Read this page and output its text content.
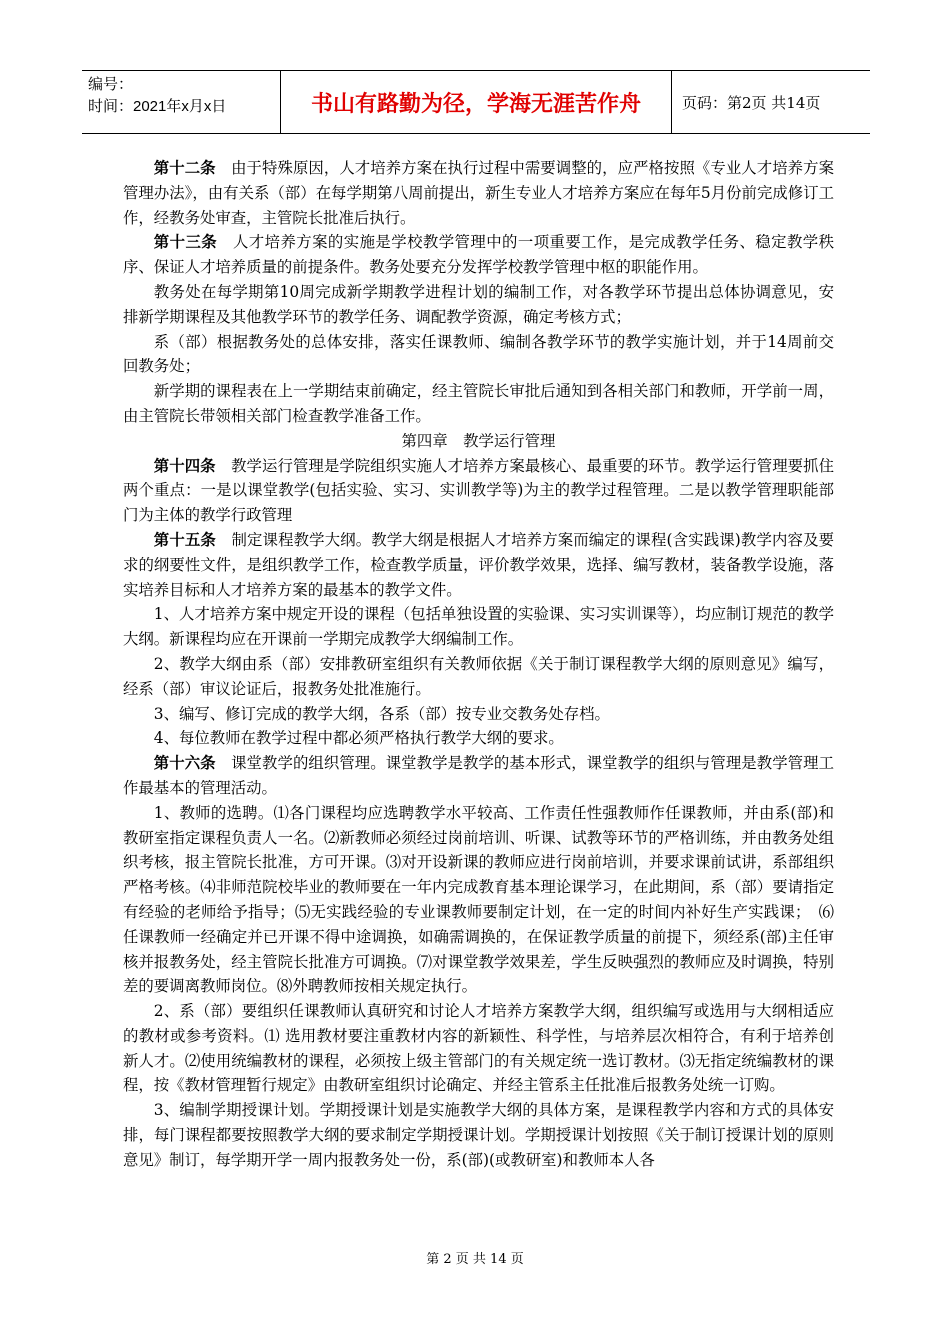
编号：
时间：2021年x月x日	书山有路勤为径，学海无涯苦作舟	页码：第2页 共14页

第十二条　由于特殊原因，人才培养方案在执行过程中需要调整的，应严格按照《专业人才培养方案管理办法》，由有关系（部）在每学期第八周前提出，新生专业人才培养方案应在每年5月份前完成修订工作，经教务处审查，主管院长批准后执行。

第十三条　人才培养方案的实施是学校教学管理中的一项重要工作，是完成教学任务、稳定教学秩序、保证人才培养质量的前提条件。教务处要充分发挥学校教学管理中枢的职能作用。

教务处在每学期第10周完成新学期教学进程计划的编制工作，对各教学环节提出总体协调意见，安排新学期课程及其他教学环节的教学任务、调配教学资源，确定考核方式；

系（部）根据教务处的总体安排，落实任课教师、编制各教学环节的教学实施计划，并于14周前交回教务处；

新学期的课程表在上一学期结束前确定，经主管院长审批后通知到各相关部门和教师，开学前一周，由主管院长带领相关部门检查教学准备工作。

第四章　教学运行管理

第十四条　教学运行管理是学院组织实施人才培养方案最核心、最重要的环节。教学运行管理要抓住两个重点：一是以课堂教学(包括实验、实习、实训教学等)为主的教学过程管理。二是以教学管理职能部门为主体的教学行政管理

第十五条　制定课程教学大纲。教学大纲是根据人才培养方案而编定的课程(含实践课)教学内容及要求的纲要性文件，是组织教学工作，检查教学质量，评价教学效果，选择、编写教材，装备教学设施，落实培养目标和人才培养方案的最基本的教学文件。

1、人才培养方案中规定开设的课程（包括单独设置的实验课、实习实训课等），均应制订规范的教学大纲。新课程均应在开课前一学期完成教学大纲编制工作。

2、教学大纲由系（部）安排教研室组织有关教师依据《关于制订课程教学大纲的原则意见》编写，经系（部）审议论证后，报教务处批准施行。

3、编写、修订完成的教学大纲，各系（部）按专业交教务处存档。

4、每位教师在教学过程中都必须严格执行教学大纲的要求。

第十六条　课堂教学的组织管理。课堂教学是教学的基本形式，课堂教学的组织与管理是教学管理工作最基本的管理活动。

1、教师的选聘。⑴各门课程均应选聘教学水平较高、工作责任性强教师作任课教师，并由系(部)和教研室指定课程负责人一名。⑵新教师必须经过岗前培训、听课、试教等环节的严格训练，并由教务处组织考核，报主管院长批准，方可开课。⑶对开设新课的教师应进行岗前培训，并要求课前试讲，系部组织严格考核。⑷非师范院校毕业的教师要在一年内完成教育基本理论课学习，在此期间，系（部）要请指定有经验的老师给予指导；⑸无实践经验的专业课教师要制定计划，在一定的时间内补好生产实践课；　⑹任课教师一经确定并已开课不得中途调换，如确需调换的，在保证教学质量的前提下，须经系(部)主任审核并报教务处，经主管院长批准方可调换。⑺对课堂教学效果差，学生反映强烈的教师应及时调换，特别差的要调离教师岗位。⑻外聘教师按相关规定执行。

2、系（部）要组织任课教师认真研究和讨论人才培养方案教学大纲，组织编写或选用与大纲相适应的教材或参考资料。⑴ 选用教材要注重教材内容的新颖性、科学性，与培养层次相符合，有利于培养创新人才。⑵使用统编教材的课程，必须按上级主管部门的有关规定统一选订教材。⑶无指定统编教材的课程，按《教材管理暂行规定》由教研室组织讨论确定、并经主管系主任批准后报教务处统一订购。

3、编制学期授课计划。学期授课计划是实施教学大纲的具体方案，是课程教学内容和方式的具体安排，每门课程都要按照教学大纲的要求制定学期授课计划。学期授课计划按照《关于制订授课计划的原则意见》制订，每学期开学一周内报教务处一份，系(部)(或教研室)和教师本人各

第 2 页 共 14 页
